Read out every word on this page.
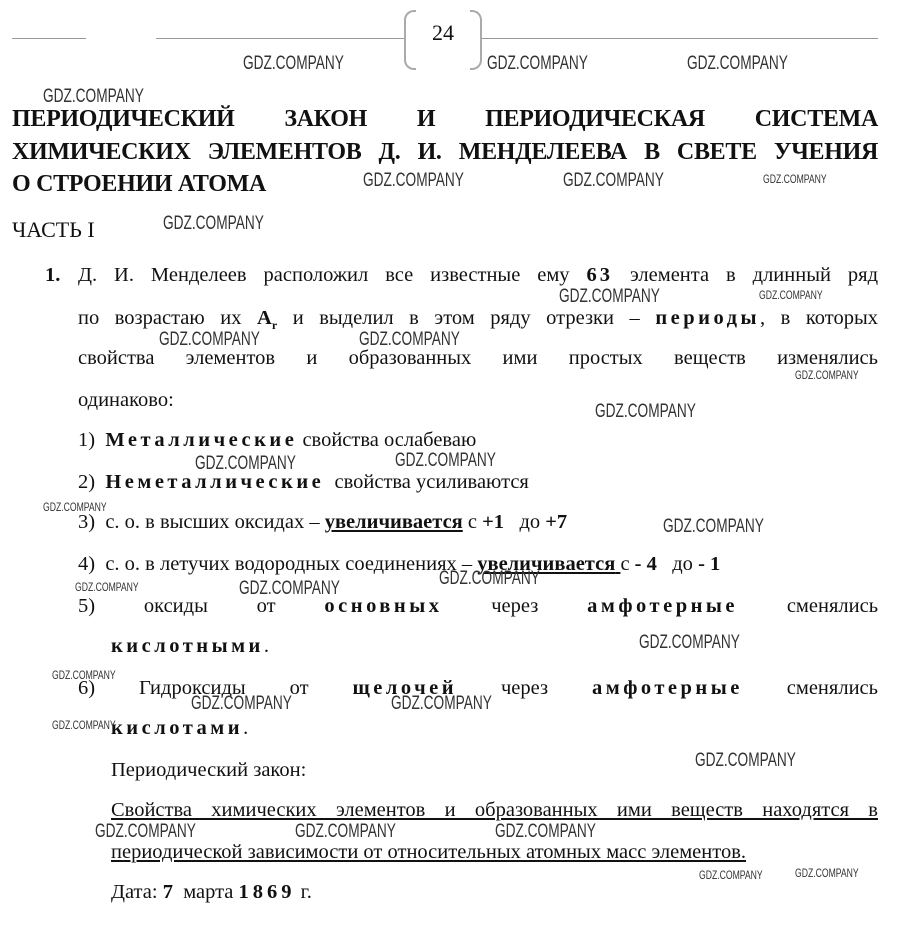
24
ПЕРИОДИЧЕСКИЙ ЗАКОН И ПЕРИОДИЧЕСКАЯ СИСТЕМА
ХИМИЧЕСКИХ ЭЛЕМЕНТОВ Д. И. МЕНДЕЛЕЕВА В СВЕТЕ УЧЕНИЯ
О СТРОЕНИИ АТОМА
ЧАСТЬ I
1. Д. И. Менделеев расположил все известные ему 63 элемента в длинный ряд
по возрастаю их $A_r$ и выделил в этом ряду отрезки – периоды, в которых
свойства элементов и образованных ими простых веществ изменялись
одинаково:
1) Металлические свойства ослабеваю
2) Неметаллические свойства усиливаются
3) с. о. в высших оксидах – увеличивается с +1 до +7
4) с. о. в летучих водородных соединениях – увеличивается с - 4 до - 1
5) оксиды от основных через амфотерные сменялись
кислотными.
6) Гидроксиды от щелочей через амфотерные сменялись
кислотами.
Периодический закон:
Свойства химических элементов и образованных ими веществ находятся в
периодической зависимости от относительных атомных масс элементов.
Дата: 7 марта 1869 г.
GDZ.COMPANY	GDZ.COMPANY	GDZ.COMPANY
GDZ.COMPANY
GDZ.COMPANY	GDZ.COMPANY	GDZ.COMPANY
GDZ.COMPANY
GDZ.COMPANY	GDZ.COMPANY
GDZ.COMPANY	GDZ.COMPANY
GDZ.COMPANY
GDZ.COMPANY
GDZ.COMPANY	GDZ.COMPANY
GDZ.COMPANY
GDZ.COMPANY
GDZ.COMPANY	GDZ.COMPANY	GDZ.COMPANY
GDZ.COMPANY
GDZ.COMPANY
GDZ.COMPANY	GDZ.COMPANY
GDZ.COMPANY
GDZ.COMPANY
GDZ.COMPANY	GDZ.COMPANY	GDZ.COMPANY
GDZ.COMPANY	GDZ.COMPANY
